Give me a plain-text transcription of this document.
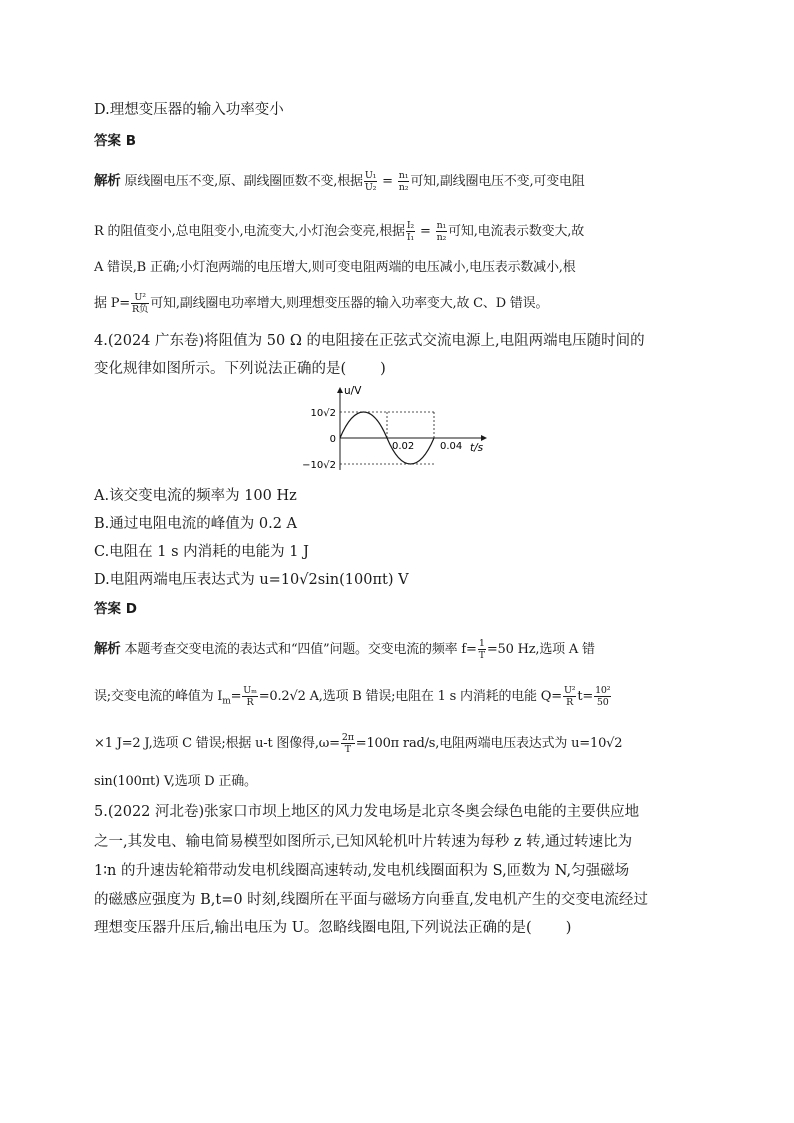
D.理想变压器的输入功率变小
答案 B
解析 原线圈电压不变,原、副线圈匝数不变,根据 $\frac{\text{U₁}}{\text{U₂}} = \frac{\text{n₁}}{\text{n₂}}$ 可知,副线圈电压不变,可变电阻
R 的阻值变小,总电阻变小,电流变大,小灯泡会变亮,根据 $\frac{\text{I₂}}{\text{I₁}} = \frac{\text{n₁}}{\text{n₂}}$ 可知,电流表示数变大,故
A 错误,B 正确;小灯泡两端的电压增大,则可变电阻两端的电压减小,电压表示数减小,根
据 $P= \frac{\text{U²}}{\text{R负}}$ 可知,副线圈电功率增大,则理想变压器的输入功率变大,故 C、D 错误。
4.(2024 广东卷)将阻值为 50 Ω 的电阻接在正弦式交流电源上,电阻两端电压随时间的
变化规律如图所示。下列说法正确的是( )
u/V
t/s
10√2
−10√2
0
0.02	0.04
A.该交变电流的频率为 100 Hz
B.通过电阻电流的峰值为 0.2 A
C.电阻在 1 s 内消耗的电能为 1 J
D.电阻两端电压表达式为 u=10√2sin(100πt) V
答案 D
解析 本题考查交变电流的表达式和“四值”问题。交变电流的频率 $f= \frac{1}{T} =50$ Hz,选项 A 错
误;交变电流的峰值为 $I_m= \frac{\text{Uₘ}}{R} =0.2√2$ A,选项 B 错误;电阻在 1 s 内消耗的电能 $Q= \frac{\text{U²}}{R} t= \frac{\text{10²}}{50}$
×1 J=2 J,选项 C 错误;根据 u-t 图像得$,\omega= \frac{2\pi}{T} =100\pi$ rad/s,电阻两端电压表达式为 u=10√2
sin(100πt) V,选项 D 正确。
5.(2022 河北卷)张家口市坝上地区的风力发电场是北京冬奥会绿色电能的主要供应地
之一,其发电、输电简易模型如图所示,已知风轮机叶片转速为每秒 z 转,通过转速比为
1∶n 的升速齿轮箱带动发电机线圈高速转动,发电机线圈面积为 S,匝数为 N,匀强磁场
的磁感应强度为 B,t=0 时刻,线圈所在平面与磁场方向垂直,发电机产生的交变电流经过
理想变压器升压后,输出电压为 U。忽略线圈电阻,下列说法正确的是( )
